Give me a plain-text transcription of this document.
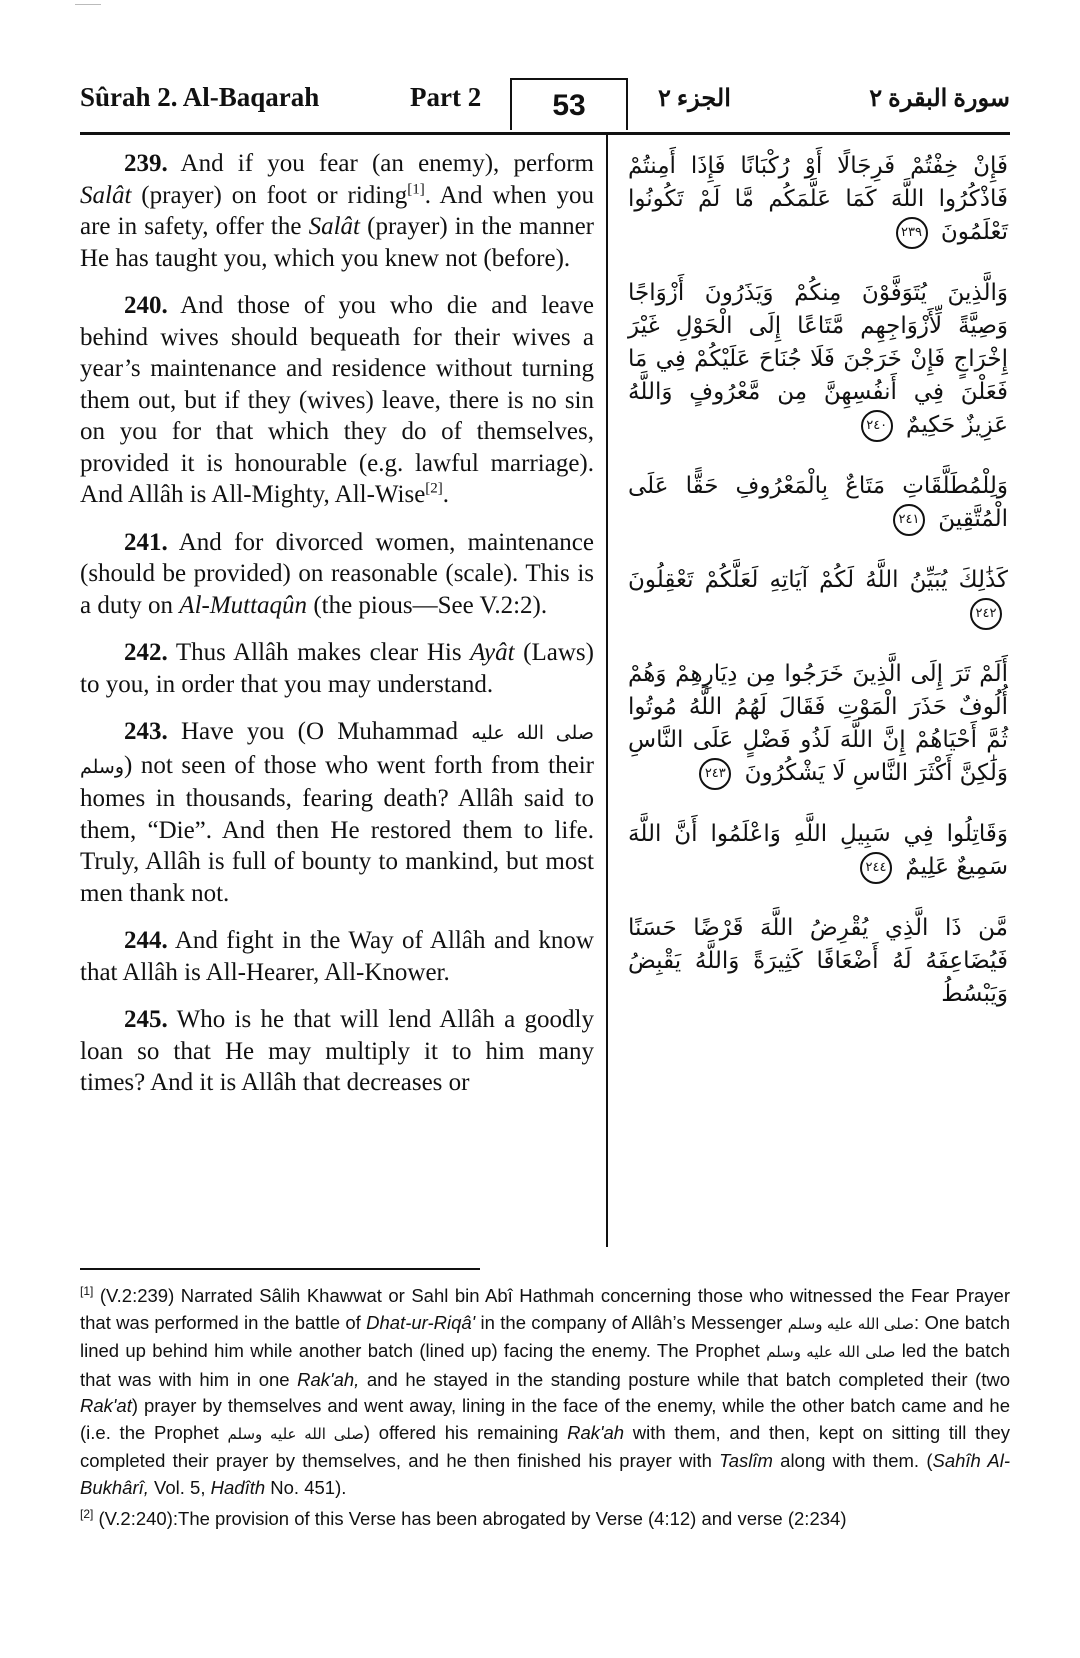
Sûrah 2. Al-Baqarah	Part 2	53	الجزء ٢	سورة البقرة ٢

239. And if you fear (an enemy), perform Salât (prayer) on foot or riding[1]. And when you are in safety, offer the Salât (prayer) in the manner He has taught you, which you knew not (before).

240. And those of you who die and leave behind wives should bequeath for their wives a year’s maintenance and residence without turning them out, but if they (wives) leave, there is no sin on you for that which they do of themselves, provided it is honourable (e.g. lawful marriage). And Allâh is All-Mighty, All-Wise[2].

241. And for divorced women, maintenance (should be provided) on reasonable (scale). This is a duty on Al-Muttaqûn (the pious—See V.2:2).

242. Thus Allâh makes clear His Ayât (Laws) to you, in order that you may understand.

243. Have you (O Muhammad صلى الله عليه وسلم) not seen of those who went forth from their homes in thousands, fearing death? Allâh said to them, “Die”. And then He restored them to life. Truly, Allâh is full of bounty to mankind, but most men thank not.

244. And fight in the Way of Allâh and know that Allâh is All-Hearer, All-Knower.

245. Who is he that will lend Allâh a goodly loan so that He may multiply it to him many times? And it is Allâh that decreases or

فَإِنْ خِفْتُمْ فَرِجَالًا أَوْ رُكْبَانًا فَإِذَا أَمِنتُمْ فَاذْكُرُوا اللَّهَ كَمَا عَلَّمَكُم مَّا لَمْ تَكُونُوا تَعْلَمُونَ ٢٣٩

وَالَّذِينَ يُتَوَفَّوْنَ مِنكُمْ وَيَذَرُونَ أَزْوَاجًا وَصِيَّةً لِّأَزْوَاجِهِم مَّتَاعًا إِلَى الْحَوْلِ غَيْرَ إِخْرَاجٍ فَإِنْ خَرَجْنَ فَلَا جُنَاحَ عَلَيْكُمْ فِي مَا فَعَلْنَ فِي أَنفُسِهِنَّ مِن مَّعْرُوفٍ وَاللَّهُ عَزِيزٌ حَكِيمٌ ٢٤٠

وَلِلْمُطَلَّقَاتِ مَتَاعٌ بِالْمَعْرُوفِ حَقًّا عَلَى الْمُتَّقِينَ ٢٤١

كَذَٰلِكَ يُبَيِّنُ اللَّهُ لَكُمْ آيَاتِهِ لَعَلَّكُمْ تَعْقِلُونَ ٢٤٢

أَلَمْ تَرَ إِلَى الَّذِينَ خَرَجُوا مِن دِيَارِهِمْ وَهُمْ أُلُوفٌ حَذَرَ الْمَوْتِ فَقَالَ لَهُمُ اللَّهُ مُوتُوا ثُمَّ أَحْيَاهُمْ إِنَّ اللَّهَ لَذُو فَضْلٍ عَلَى النَّاسِ وَلَٰكِنَّ أَكْثَرَ النَّاسِ لَا يَشْكُرُونَ ٢٤٣

وَقَاتِلُوا فِي سَبِيلِ اللَّهِ وَاعْلَمُوا أَنَّ اللَّهَ سَمِيعٌ عَلِيمٌ ٢٤٤

مَّن ذَا الَّذِي يُقْرِضُ اللَّهَ قَرْضًا حَسَنًا فَيُضَاعِفَهُ لَهُ أَضْعَافًا كَثِيرَةً وَاللَّهُ يَقْبِضُ وَيَبْسُطُ

[1] (V.2:239) Narrated Sâlih Khawwat or Sahl bin Abî Hathmah concerning those who witnessed the Fear Prayer that was performed in the battle of Dhat-ur-Riqâ' in the company of Allâh’s Messenger صلى الله عليه وسلم: One batch lined up behind him while another batch (lined up) facing the enemy. The Prophet صلى الله عليه وسلم led the batch that was with him in one Rak'ah, and he stayed in the standing posture while that batch completed their (two Rak'at) prayer by themselves and went away, lining in the face of the enemy, while the other batch came and he (i.e. the Prophet صلى الله عليه وسلم) offered his remaining Rak'ah with them, and then, kept on sitting till they completed their prayer by themselves, and he then finished his prayer with Taslîm along with them. (Sahîh Al-Bukhârî, Vol. 5, Hadîth No. 451).

[2] (V.2:240):The provision of this Verse has been abrogated by Verse (4:12) and verse (2:234)
